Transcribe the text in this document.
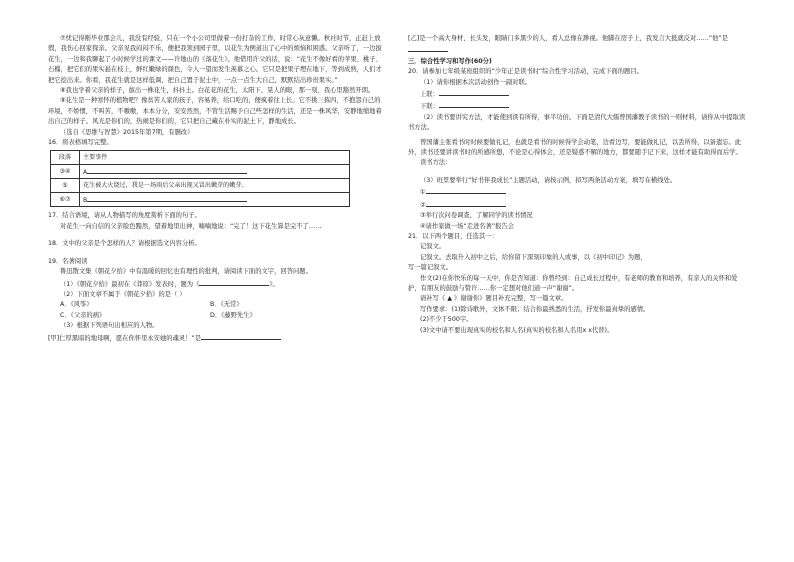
⑦忧记得刚毕业那会儿，我没有经验，只在一个小公司里做着一份打杂的工作，时常心灰意懒。秋社时节，正赶上放假，我伤心回家探亲。父亲见我闷闷不乐，便把我领到园子里，以花生为例道出了心中的烦恼和困惑。父亲听了，一边拔花生，一边和我聊起了小时候学过的课文——许地山的《落花生》。他借用许父的话，说：“花生不像好看的苹果、桃子、石榴，把它们的果实悬在枝上，鲜红嫩绿的颜色，令人一望而发生羡慕之心。它只是把果子埋在地下，等到成熟，人们才把它挖出来。你看，我花生就是这样低调，把自己置于泥土中，一点一点生大自己，默默结出珍贵果实。”

⑧我也学着父亲的样子，拔出一株花生，抖抖土。白花花的花生，太阳下，晃人的眼，那一刻，我心里豁然开朗。

⑨花生是一种寒怀的植物吧？像贫苦人家的孩子，容易养，给口吃的，便疯着往上长。它不挑三拣四，不抱怨自己的环境，不娇惯，不叫苦，不嗷嗷，本本分分，安安然然，不管生活赐予自己些怎样的生活，还是一株风华，安静地缩地着出自己的样子。风光是你们的，热闹是你们的，它只把自己藏在朴实的泥土下，静地成长。

（选自《思维与智慧》2015年第7期，有删改）

16．将表格填写完整。

段落	主要事件
③④	A
⑤	花生被大火烧过，我是一场雨后父亲出现又冒出嫩芽的嫩芽。
⑥⑦	B

17．结合语境，请从人物描写的角度赏析下面的句子。

对花生一向自信的父亲脸色黯然，望着地里出神，喃喃地说：“完了！这下花生算是完不了……

18．文中的父亲是个怎样的人？请根据选文内容分析。

19．名著阅读

鲁迅散文集《朝花夕拾》中有温暖的回忆也有理性的批判，请阅读下面的文字，回答问题。

（1）《朝花夕拾》最初在《莽原》发表时，题为《	》。

（2）下面文章不属于《朝花夕拾》的是（ ）

A．《风筝》	B．《无常》

C．《父亲的病》	D．《藤野先生》

（3）根据下列语句出相应的人物。

[甲]仁厚黑暗的地母啊，愿在你怀里永安她的魂灵！”是

[乙]是一个高大身材，长头发，眼睛门多黑少的人，看人总像在渺视。他脚在房子上，我发言大抵就反对……”他”是

三．综合性学习和写作(60分)

20．请参加七年级某班组织的“少年正是读书时”综合性学习活动，完成下面的题目。

（1）请你根据本次活动创作一副对联。

上联：

下联：

（2）读书要讲究方法，才能使到读有所得，事半功倍。下面是清代大儒曾国藩教子读书的一则材料，请你从中提取读书方法。

曾国藩主张看书时时候要做礼记，也就是看书的时候得学会动笔，边看边写，要能做礼记，以丢所得，以备遗忘。此外，读书还要讲读书时的所感所想，不论是心得体会，还是疑惑不解的地方，都要随手记下来，这样才能有助得而后学。

读书方法：

（3）班里要举行“好书伴我成长”主题活动，请按示例，拟写两条活动方案，填写在横线处。

①

②

③举行次问卷调查，了解同学的读书情况

④请作家做一场“走进名著”报告会

21．以下两个题目，任选其一：

记叙文。

记叙文。去取升入初中之后，给你留下深刻印象的人或事，以《初中印记》为题，

写一篇记叙文。

作文(2)在你快乐的每一天中，你是否知道：你曾经到：自己成长过程中，有老师的教育和培养，有亲人的关怀和爱护，有朋友的鼓励与赞许……你一定想对他们道一声“谢谢”。

请补写《 ▲ 》谢谢你》题目补充完整，写一篇文章。

写作要求：(1)除诗歌外，文体不限；结合你最熟悉的生活，抒发你最真挚的感情。

(2)不少于500字。

(3)文中请不要出现真实的校名和人名(真实的校名和人名用x x代替)。
